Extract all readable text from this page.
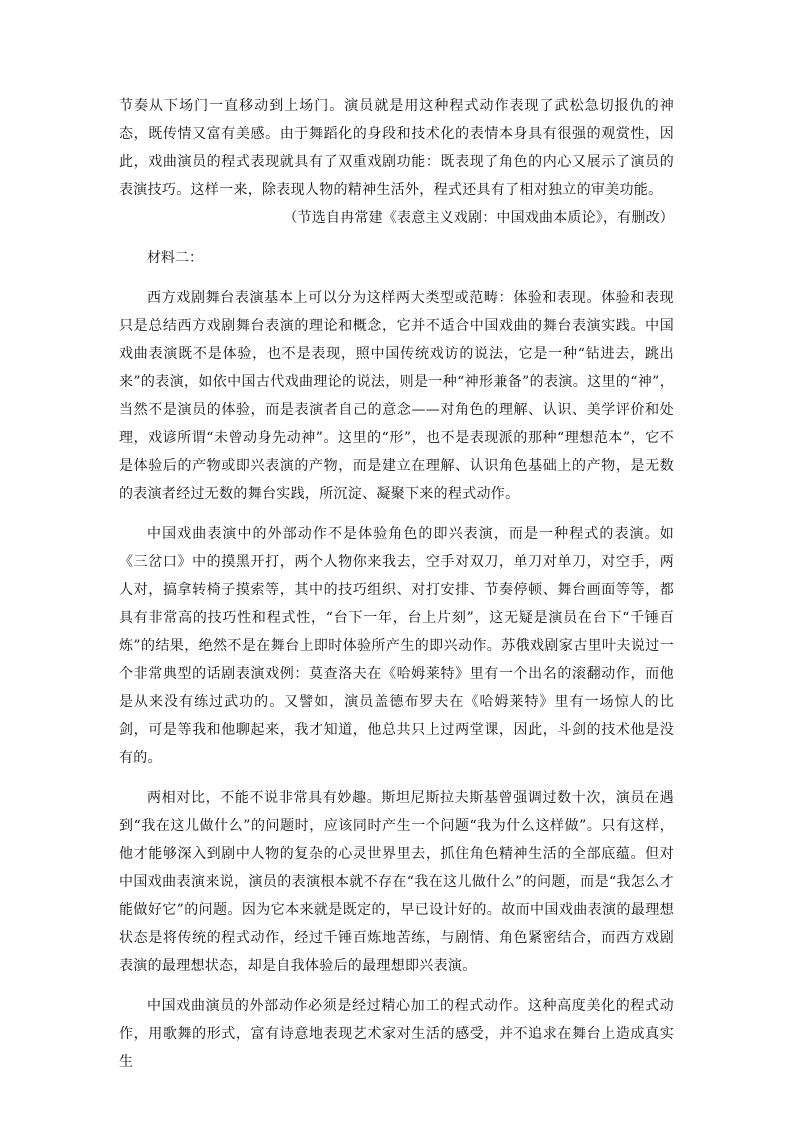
节奏从下场门一直移动到上场门。演员就是用这种程式动作表现了武松急切报仇的神态，既传情又富有美感。由于舞蹈化的身段和技术化的表情本身具有很强的观赏性，因此，戏曲演员的程式表现就具有了双重戏剧功能：既表现了角色的内心又展示了演员的表演技巧。这样一来，除表现人物的精神生活外，程式还具有了相对独立的审美功能。

（节选自冉常建《表意主义戏剧：中国戏曲本质论》，有删改）

材料二：

西方戏剧舞台表演基本上可以分为这样两大类型或范畴：体验和表现。体验和表现只是总结西方戏剧舞台表演的理论和概念，它并不适合中国戏曲的舞台表演实践。中国戏曲表演既不是体验，也不是表现，照中国传统戏访的说法，它是一种“钻进去，跳出来”的表演，如依中国古代戏曲理论的说法，则是一种“神形兼备”的表演。这里的“神”，当然不是演员的体验，而是表演者自己的意念——对角色的理解、认识、美学评价和处理，戏谚所谓“未曾动身先动神”。这里的“形”，也不是表现派的那种“理想范本”，它不是体验后的产物或即兴表演的产物，而是建立在理解、认识角色基础上的产物，是无数的表演者经过无数的舞台实践，所沉淀、凝聚下来的程式动作。

中国戏曲表演中的外部动作不是体验角色的即兴表演，而是一种程式的表演。如《三岔口》中的摸黑开打，两个人物你来我去，空手对双刀，单刀对单刀，对空手，两人对，搞拿转椅子摸索等，其中的技巧组织、对打安排、节奏停顿、舞台画面等等，都具有非常高的技巧性和程式性，“台下一年，台上片刻”，这无疑是演员在台下“千锤百炼”的结果，绝然不是在舞台上即时体验所产生的即兴动作。苏俄戏剧家古里叶夫说过一个非常典型的话剧表演戏例：莫查洛夫在《哈姆莱特》里有一个出名的滚翻动作，而他是从来没有练过武功的。又譬如，演员盖德布罗夫在《哈姆莱特》里有一场惊人的比剑，可是等我和他聊起来，我才知道，他总共只上过两堂课，因此，斗剑的技术他是没有的。

两相对比，不能不说非常具有妙趣。斯坦尼斯拉夫斯基曾强调过数十次，演员在遇到“我在这儿做什么”的问题时，应该同时产生一个问题“我为什么这样做”。只有这样，他才能够深入到剧中人物的复杂的心灵世界里去，抓住角色精神生活的全部底蕴。但对中国戏曲表演来说，演员的表演根本就不存在“我在这儿做什么”的问题，而是“我怎么才能做好它”的问题。因为它本来就是既定的，早已设计好的。故而中国戏曲表演的最理想状态是将传统的程式动作，经过千锤百炼地苦练，与剧情、角色紧密结合，而西方戏剧表演的最理想状态，却是自我体验后的最理想即兴表演。

中国戏曲演员的外部动作必须是经过精心加工的程式动作。这种高度美化的程式动作，用歌舞的形式，富有诗意地表现艺术家对生活的感受，并不追求在舞台上造成真实生
